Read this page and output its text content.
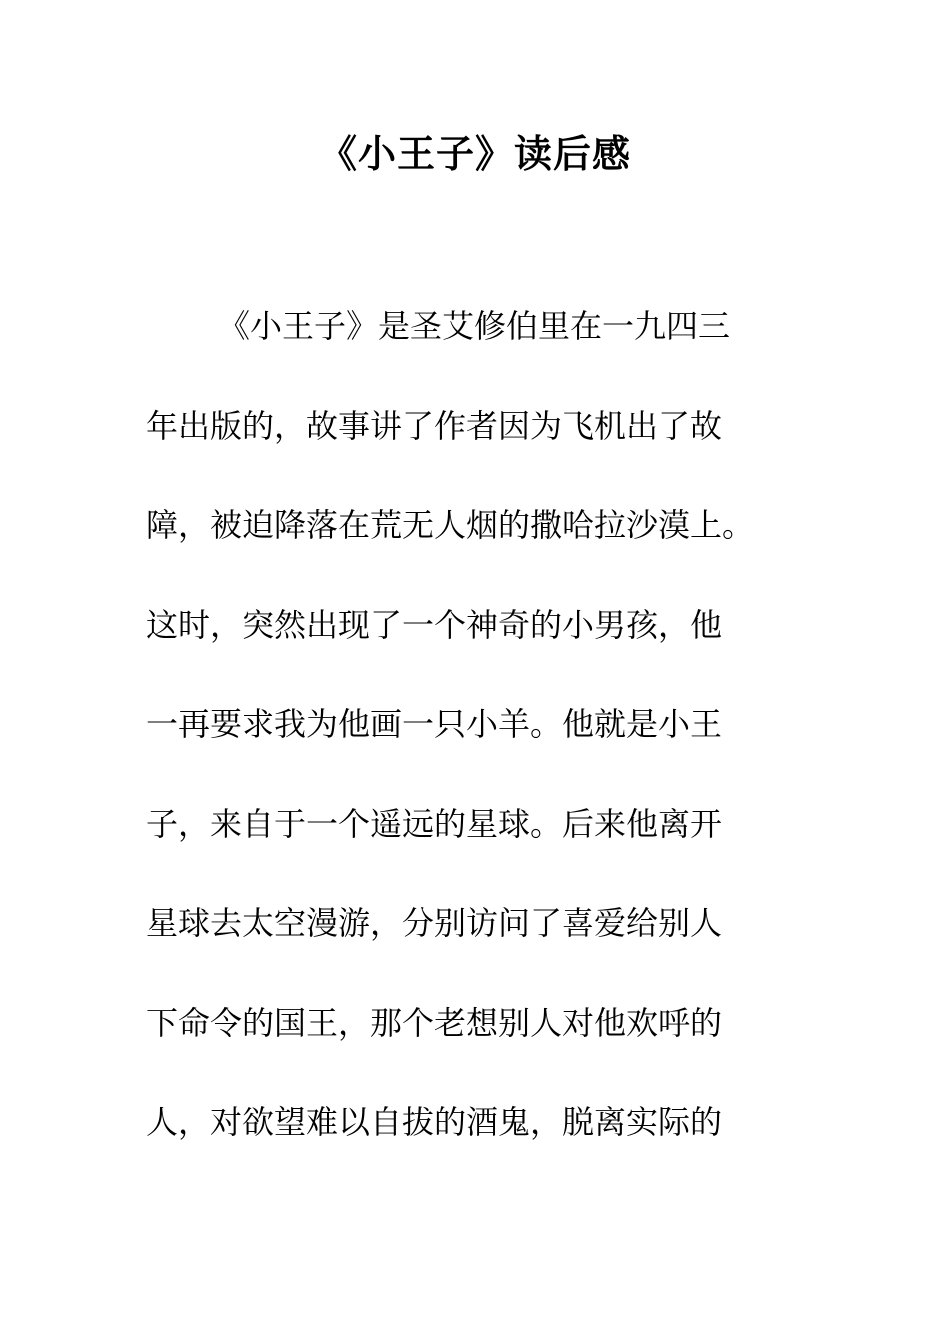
《小王子》读后感
《小王子》是圣艾修伯里在一九四三
年出版的，故事讲了作者因为飞机出了故
障，被迫降落在荒无人烟的撒哈拉沙漠上。
这时，突然出现了一个神奇的小男孩，他
一再要求我为他画一只小羊。他就是小王
子，来自于一个遥远的星球。后来他离开
星球去太空漫游，分别访问了喜爱给别人
下命令的国王，那个老想别人对他欢呼的
人，对欲望难以自拔的酒鬼，脱离实际的
